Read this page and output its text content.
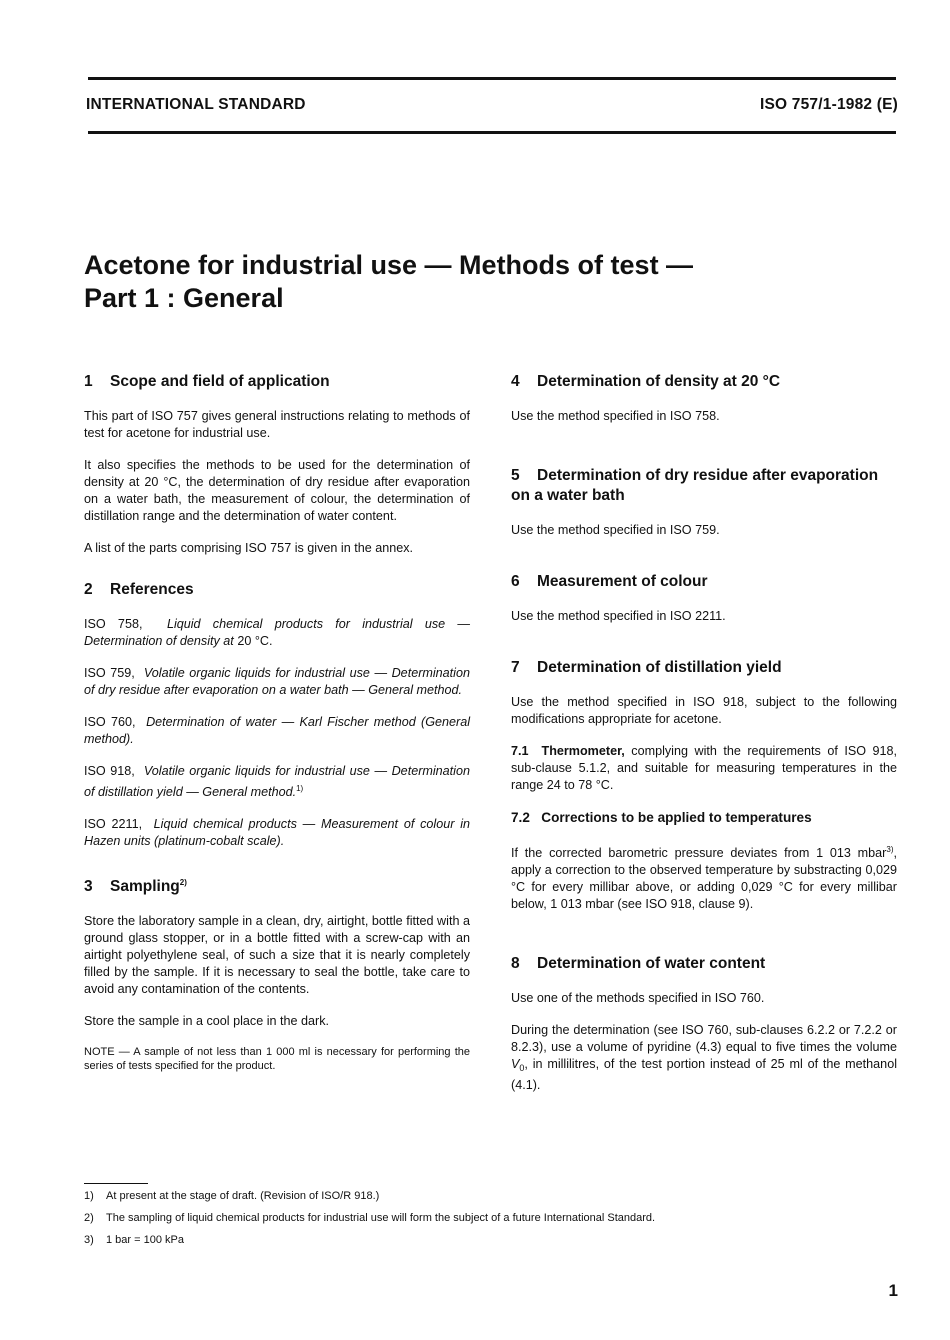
INTERNATIONAL STANDARD	ISO 757/1-1982 (E)
Acetone for industrial use — Methods of test —
Part 1 : General
1 Scope and field of application

This part of ISO 757 gives general instructions relating to methods of test for acetone for industrial use.

It also specifies the methods to be used for the determination of density at 20 °C, the determination of dry residue after evaporation on a water bath, the measurement of colour, the determination of distillation range and the determination of water content.

A list of the parts comprising ISO 757 is given in the annex.

2 References

ISO 758, Liquid chemical products for industrial use — Determination of density at 20 °C.

ISO 759, Volatile organic liquids for industrial use — Determination of dry residue after evaporation on a water bath — General method.

ISO 760, Determination of water — Karl Fischer method (General method).

ISO 918, Volatile organic liquids for industrial use — Determination of distillation yield — General method.$^{1)}$

ISO 2211, Liquid chemical products — Measurement of colour in Hazen units (platinum-cobalt scale).

3 Sampling$^{2)}$

Store the laboratory sample in a clean, dry, airtight, bottle fitted with a ground glass stopper, or in a bottle fitted with a screw-cap with an airtight polyethylene seal, of such a size that it is nearly completely filled by the sample. If it is necessary to seal the bottle, take care to avoid any contamination of the contents.

Store the sample in a cool place in the dark.

NOTE — A sample of not less than 1 000 ml is necessary for performing the series of tests specified for the product.

4 Determination of density at 20 °C

Use the method specified in ISO 758.

5 Determination of dry residue after evaporation on a water bath

Use the method specified in ISO 759.

6 Measurement of colour

Use the method specified in ISO 2211.

7 Determination of distillation yield

Use the method specified in ISO 918, subject to the following modifications appropriate for acetone.

7.1 Thermometer, complying with the requirements of ISO 918, sub-clause 5.1.2, and suitable for measuring temperatures in the range 24 to 78 °C.

7.2 Corrections to be applied to temperatures

If the corrected barometric pressure deviates from 1 013 mbar$^{3)}$, apply a correction to the observed temperature by substracting 0,029 °C for every millibar above, or adding 0,029 °C for every millibar below, 1 013 mbar (see ISO 918, clause 9).

8 Determination of water content

Use one of the methods specified in ISO 760.

During the determination (see ISO 760, sub-clauses 6.2.2 or 7.2.2 or 8.2.3), use a volume of pyridine (4.3) equal to five times the volume $V_0$, in millilitres, of the test portion instead of 25 ml of the methanol (4.1).

1)	At present at the stage of draft. (Revision of ISO/R 918.)
2)	The sampling of liquid chemical products for industrial use will form the subject of a future International Standard.
3)	1 bar = 100 kPa
1
